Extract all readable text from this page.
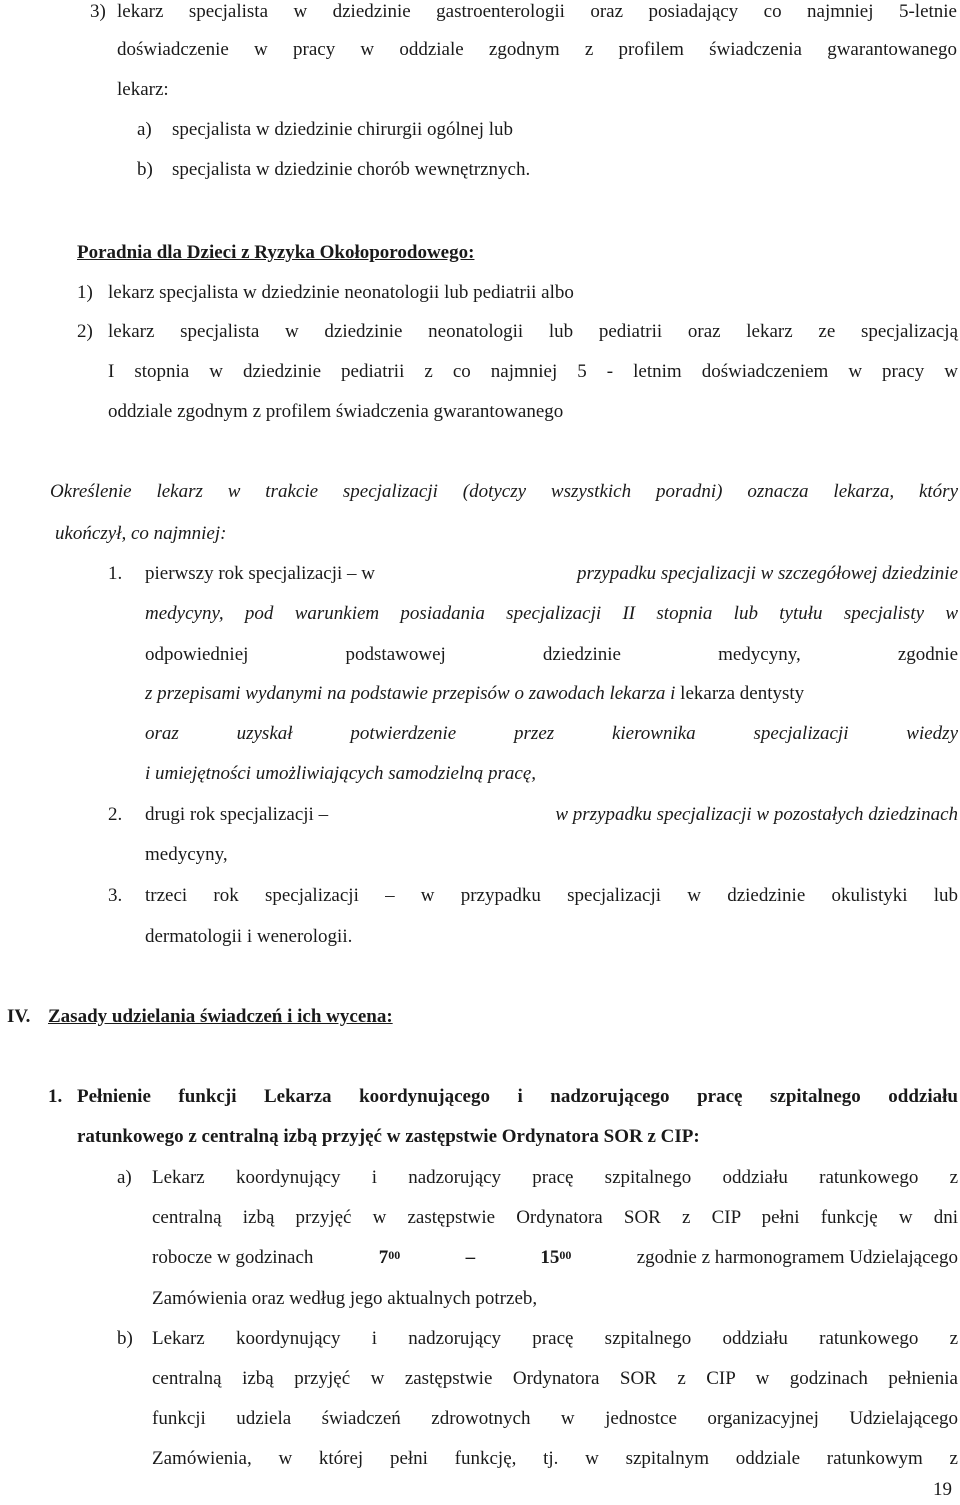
3) lekarz specjalista w dziedzinie gastroenterologii oraz posiadający co najmniej 5-letnie
doświadczenie w pracy w oddziale zgodnym z profilem świadczenia gwarantowanego
lekarz:
a) specjalista w dziedzinie chirurgii ogólnej lub
b) specjalista w dziedzinie chorób wewnętrznych.
Poradnia dla Dzieci z Ryzyka Okołoporodowego:
1) lekarz specjalista w dziedzinie neonatologii lub pediatrii albo
2) lekarz specjalista w dziedzinie neonatologii lub pediatrii oraz lekarz ze specjalizacją
I stopnia w dziedzinie pediatrii z co najmniej 5 - letnim doświadczeniem w pracy w
oddziale zgodnym z profilem świadczenia gwarantowanego
Określenie lekarz w trakcie specjalizacji (dotyczy wszystkich poradni) oznacza lekarza, który
ukończył, co najmniej:
1. pierwszy rok specjalizacji – w	przypadku specjalizacji w szczegółowej dziedzinie
medycyny, pod warunkiem posiadania specjalizacji II stopnia lub tytułu specjalisty w
odpowiedniej podstawowej dziedzinie medycyny, zgodnie
z przepisami wydanymi na podstawie przepisów o zawodach lekarza i lekarza dentysty
oraz uzyskał potwierdzenie przez kierownika specjalizacji wiedzy
i umiejętności umożliwiających samodzielną pracę,
2. drugi rok specjalizacji –	w przypadku specjalizacji w pozostałych dziedzinach
medycyny,
3. trzeci rok specjalizacji – w przypadku specjalizacji w dziedzinie okulistyki lub
dermatologii i wenerologii.
IV. Zasady udzielania świadczeń i ich wycena:
1. Pełnienie funkcji Lekarza koordynującego i nadzorującego pracę szpitalnego oddziału
ratunkowego z centralną izbą przyjęć w zastępstwie Ordynatora SOR z CIP:
a) Lekarz koordynujący i nadzorujący pracę szpitalnego oddziału ratunkowego z
centralną izbą przyjęć w zastępstwie Ordynatora SOR z CIP pełni funkcję w dni
robocze w godzinach	$7^{00}$	–	$15^{00}$	zgodnie z harmonogramem Udzielającego
Zamówienia oraz według jego aktualnych potrzeb,
b) Lekarz koordynujący i nadzorujący pracę szpitalnego oddziału ratunkowego z
centralną izbą przyjęć w zastępstwie Ordynatora SOR z CIP w godzinach pełnienia
funkcji udziela świadczeń zdrowotnych w jednostce organizacyjnej Udzielającego
Zamówienia, w której pełni funkcję, tj. w szpitalnym oddziale ratunkowym z
19
